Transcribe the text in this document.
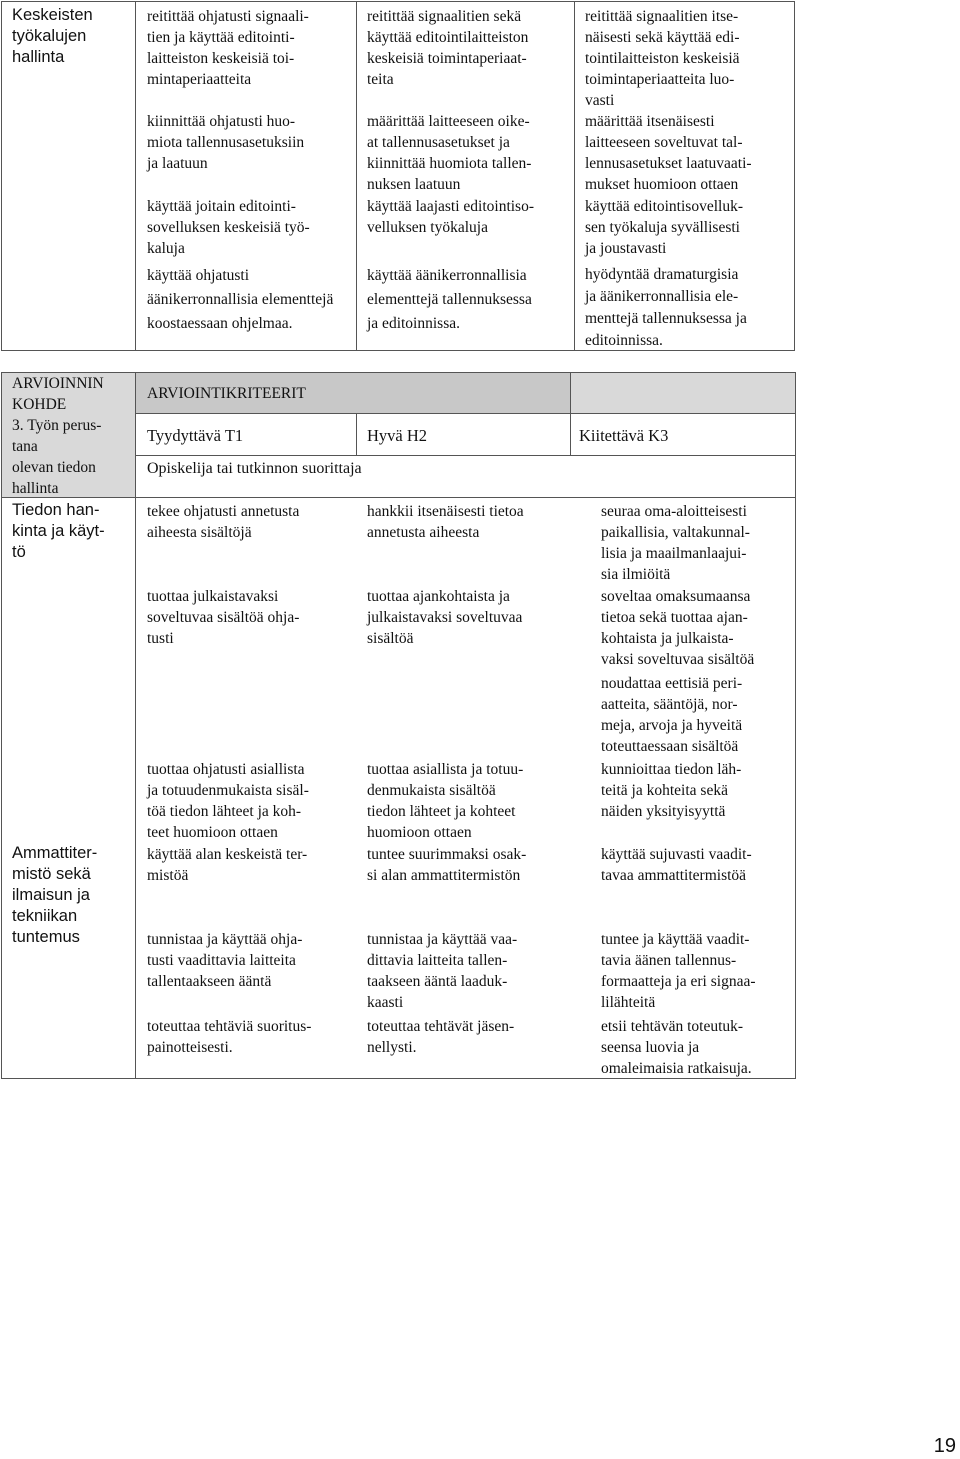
Keskeisten
työkalujen
hallinta
reitittää ohjatusti signaali-
tien ja käyttää editointi-
laitteiston keskeisiä toi-
mintaperiaatteita
kiinnittää ohjatusti huo-
miota tallennusasetuksiin
ja laatuun
käyttää joitain editointi-
sovelluksen keskeisiä työ-
kaluja
käyttää ohjatusti äänikerronnallisia elementtejä
koostaessaan ohjelmaa.
reitittää signaalitien sekä
käyttää editointilaitteiston
keskeisiä toimintaperiaat-
teita
määrittää laitteeseen oike-
at tallennusasetukset ja
kiinnittää huomiota tallen-
nuksen laatuun
käyttää laajasti editointiso-
velluksen työkaluja
käyttää äänikerronnallisia
elementtejä tallennuksessa
ja editoinnissa.
reitittää signaalitien itse-
näisesti sekä käyttää edi-
tointilaitteiston keskeisiä
toimintaperiaatteita luo-
vasti
määrittää itsenäisesti
laitteeseen soveltuvat tal-
lennusasetukset laatuvaati-
mukset huomioon ottaen
käyttää editointisovelluk-
sen työkaluja syvällisesti
ja joustavasti
hyödyntää dramaturgisia
ja äänikerronnallisia ele-
menttejä tallennuksessa ja
editoinnissa.
ARVIOINNIN
KOHDE
3. Työn perus-
tana
olevan tiedon
hallinta
ARVIOINTIKRITEERIT
Tyydyttävä T1	Hyvä H2	Kiitettävä K3
Opiskelija tai tutkinnon suorittaja
Tiedon han-
kinta ja käyt-
tö
Ammattiter-
mistö sekä
ilmaisun ja
tekniikan
tuntemus
tekee ohjatusti annetusta
aiheesta sisältöjä
tuottaa julkaistavaksi
soveltuvaa sisältöä ohja-
tusti
tuottaa ohjatusti asiallista
ja totuudenmukaista sisäl-
töä tiedon lähteet ja koh-
teet huomioon ottaen
käyttää alan keskeistä ter-
mistöä
tunnistaa ja käyttää ohja-
tusti vaadittavia laitteita
tallentaakseen ääntä
toteuttaa tehtäviä suoritus-
painotteisesti.
hankkii itsenäisesti tietoa
annetusta aiheesta
tuottaa ajankohtaista ja
julkaistavaksi soveltuvaa
sisältöä
tuottaa asiallista ja totuu-
denmukaista sisältöä
tiedon lähteet ja kohteet
huomioon ottaen
tuntee suurimmaksi osak-
si alan ammattitermistön
tunnistaa ja käyttää vaa-
dittavia laitteita tallen-
taakseen ääntä laaduk-
kaasti
toteuttaa tehtävät jäsen-
nellysti.
seuraa oma-aloitteisesti
paikallisia, valtakunnal-
lisia ja maailmanlaajui-
sia ilmiöitä
soveltaa omaksumaansa
tietoa sekä tuottaa ajan-
kohtaista ja julkaista-
vaksi soveltuvaa sisältöä
noudattaa eettisiä peri-
aatteita, sääntöjä, nor-
meja, arvoja ja hyveitä
toteuttaessaan sisältöä
kunnioittaa tiedon läh-
teitä ja kohteita sekä
näiden yksityisyyttä
käyttää sujuvasti vaadit-
tavaa ammattitermistöä
tuntee ja käyttää vaadit-
tavia äänen tallennus-
formaatteja ja eri signaa-
lilähteitä
etsii tehtävän toteutuk-
seensa luovia ja omaleimaisia ratkaisuja.
19
